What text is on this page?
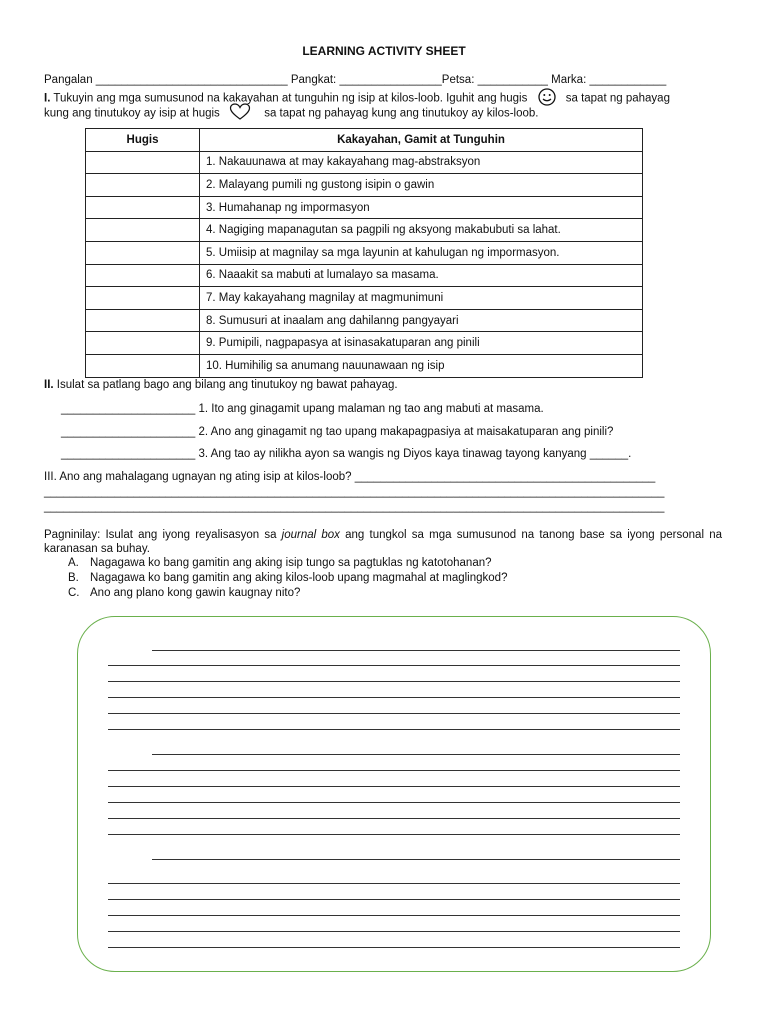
LEARNING ACTIVITY SHEET
Pangalan ______________________________ Pangkat: ________________Petsa: ___________ Marka: ____________
I. Tukuyin ang mga sumusunod na kakayahan at tunguhin ng isip at kilos-loob. Iguhit ang hugis	sa tapat ng pahayag
kung ang tinutukoy ay isip at hugis	sa tapat ng pahayag kung ang tinutukoy ay kilos-loob.
Hugis	Kakayahan, Gamit at Tunguhin
	1. Nakauunawa at may kakayahang mag-abstraksyon
	2. Malayang pumili ng gustong isipin o gawin
	3. Humahanap ng impormasyon
	4. Nagiging mapanagutan sa pagpili ng aksyong makabubuti sa lahat.
	5. Umiisip at magnilay sa mga layunin at kahulugan ng impormasyon.
	6. Naaakit sa mabuti at lumalayo sa masama.
	7. May kakayahang magnilay at magmunimuni
	8. Sumusuri at inaalam ang dahilanng pangyayari
	9. Pumipili, nagpapasya at isinasakatuparan ang pinili
	10. Humihilig sa anumang nauunawaan ng isip
II. Isulat sa patlang bago ang bilang ang tinutukoy ng bawat pahayag.
_____________________ 1. Ito ang ginagamit upang malaman ng tao ang mabuti at masama.
_____________________ 2. Ano ang ginagamit ng tao upang makapagpasiya at maisakatuparan ang pinili?
_____________________ 3. Ang tao ay nilikha ayon sa wangis ng Diyos kaya tinawag tayong kanyang ______.
III. Ano ang mahalagang ugnayan ng ating isip at kilos-loob? _______________________________________________
_________________________________________________________________________________________________
_________________________________________________________________________________________________
Pagninilay: Isulat ang iyong reyalisasyon sa journal box ang tungkol sa mga sumusunod na tanong base sa iyong personal na karanasan sa buhay.
A. Nagagawa ko bang gamitin ang aking isip tungo sa pagtuklas ng katotohanan?
B. Nagagawa ko bang gamitin ang aking kilos-loob upang magmahal at maglingkod?
C. Ano ang plano kong gawin kaugnay nito?
